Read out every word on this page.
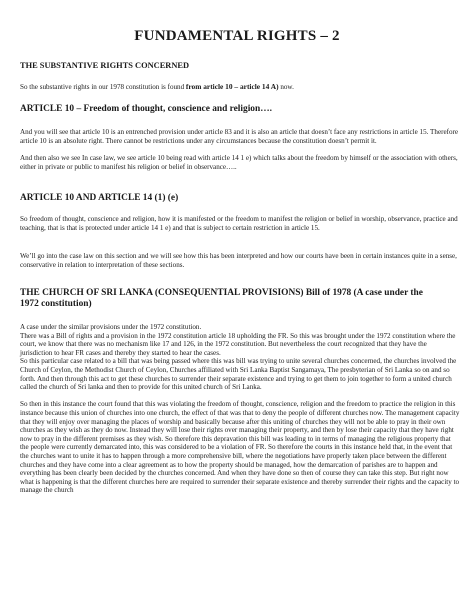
FUNDAMENTAL RIGHTS – 2
THE SUBSTANTIVE RIGHTS CONCERNED

So the substantive rights in our 1978 constitution is found from article 10 – article 14 A) now.

ARTICLE 10 – Freedom of thought, conscience and religion….

And you will see that article 10 is an entrenched provision under article 83 and it is also an article that doesn’t face any restrictions in article 15. Therefore article 10 is an absolute right. There cannot be restrictions under any circumstances because the constitution doesn’t permit it.

And then also we see In case law, we see article 10 being read with article 14 1 e) which talks about the freedom by himself or the association with others, either in private or public to manifest his religion or belief in observance…..

ARTICLE 10 AND ARTICLE 14 (1) (e)

So freedom of thought, conscience and religion, how it is manifested or the freedom to manifest the religion or belief in worship, observance, practice and teaching, that is that is protected under article 14 1 e) and that is subject to certain restriction in article 15.

We’ll go into the case law on this section and we will see how this has been interpreted and how our courts have been in certain instances quite in a sense, conservative in relation to interpretation of these sections.

THE CHURCH OF SRI LANKA (CONSEQUENTIAL PROVISIONS) Bill of 1978 (A case under the
1972 constitution)

A case under the similar provisions under the 1972 constitution.

There was a Bill of rights and a provision in the 1972 constitution article 18 upholding the FR. So this was brought under the 1972 constitution where the court, we know that there was no mechanism like 17 and 126, in the 1972 constitution. But nevertheless the court recognized that they have the jurisdiction to hear FR cases and thereby they started to hear the cases.

So this particular case related to a bill that was being passed where this was bill was trying to unite several churches concerned, the churches involved the Church of Ceylon, the Methodist Church of Ceylon, Churches affiliated with Sri Lanka Baptist Sangamaya, The presbyterian of Sri Lanka so on and so forth. And then through this act to get these churches to surrender their separate existence and trying to get them to join together to form a united church called the church of Sri lanka and then to provide for this united church of Sri Lanka.

So then in this instance the court found that this was violating the freedom of thought, conscience, religion and the freedom to practice the religion in this instance because this union of churches into one church, the effect of that was that to deny the people of different churches now. The management capacity that they will enjoy over managing the places of worship and basically because after this uniting of churches they will not be able to pray in their own churches as they wish as they do now. Instead they will lose their rights over managing their property, and then by lose their capacity that they have right now to pray in the different premises as they wish. So therefore this depravation this bill was leading to in terms of managing the religious property that the people were currently demarcated into, this was considered to be a violation of FR. So therefore the courts in this instance held that, in the event that the churches want to unite it has to happen through a more comprehensive bill, where the negotiations have properly taken place between the different churches and they have come into a clear agreement as to how the property should be managed, how the demarcation of parishes are to happen and everything has been clearly been decided by the churches concerned. And when they have done so then of course they can take this step. But right now what is happening is that the different churches here are required to surrender their separate existence and thereby surrender their rights and the capacity to manage the church
